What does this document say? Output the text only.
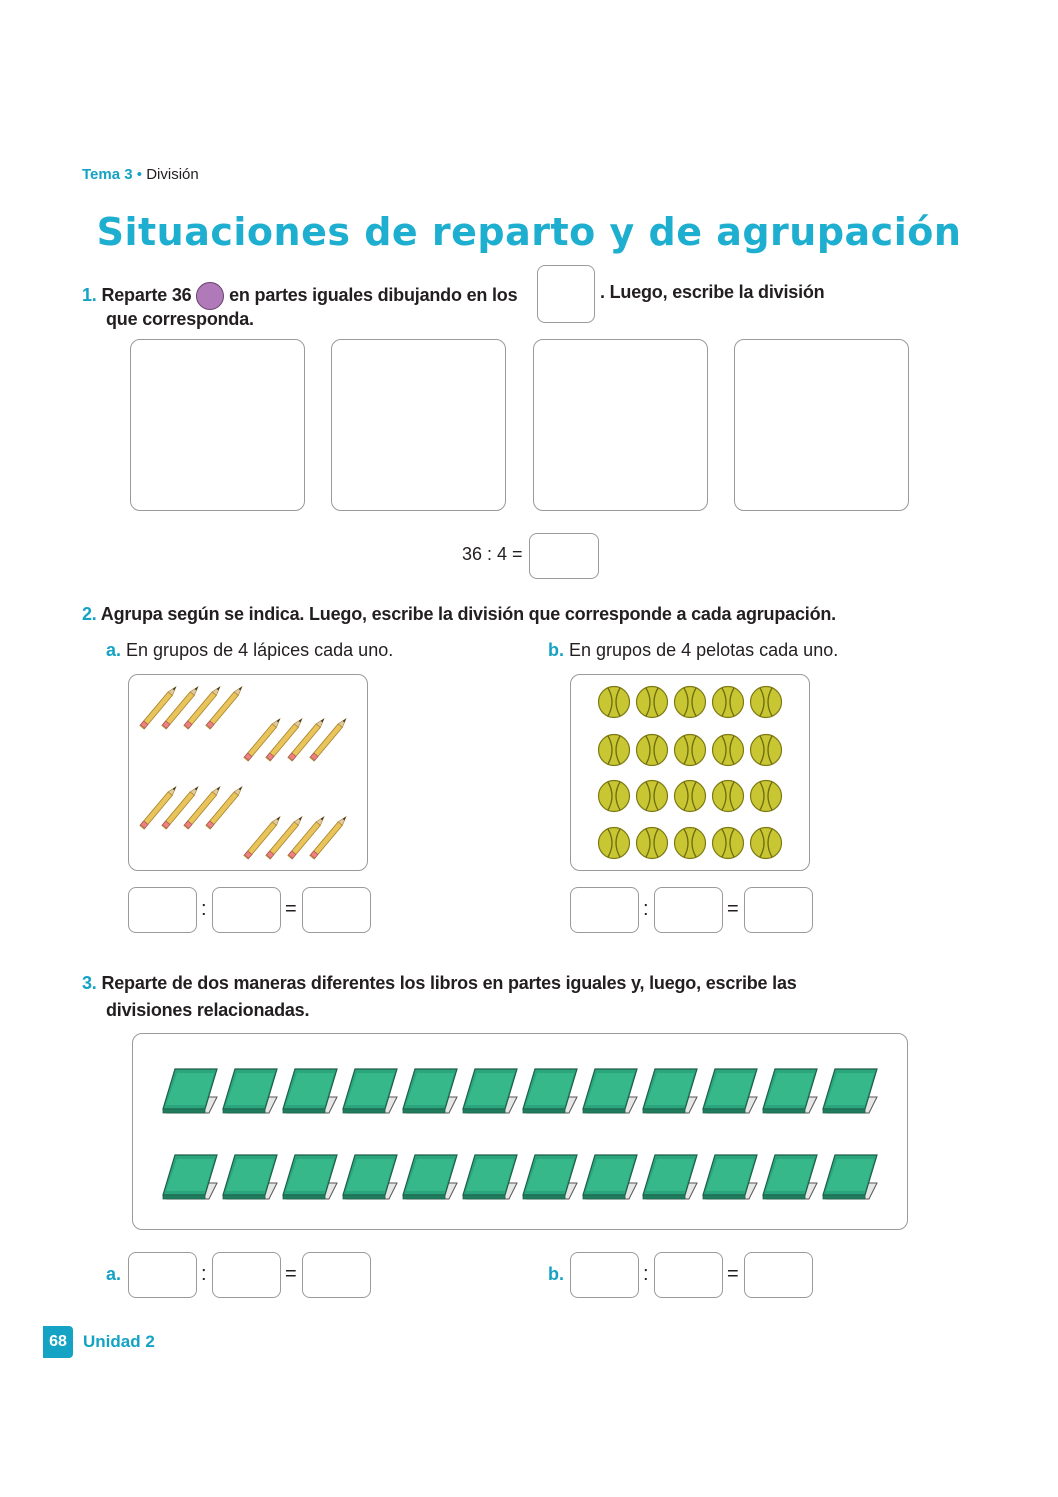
Tema 3 • División
Situaciones de reparto y de agrupación
1. Reparte 36 en partes iguales dibujando en los	. Luego, escribe la división
que corresponda.
36 : 4 =
2. Agrupa según se indica. Luego, escribe la división que corresponde a cada agrupación.
a. En grupos de 4 lápices cada uno.	b. En grupos de 4 pelotas cada uno.
:	=	:	=
3. Reparte de dos maneras diferentes los libros en partes iguales y, luego, escribe las
divisiones relacionadas.
a.	:	=	b.	:	=
68 Unidad 2
